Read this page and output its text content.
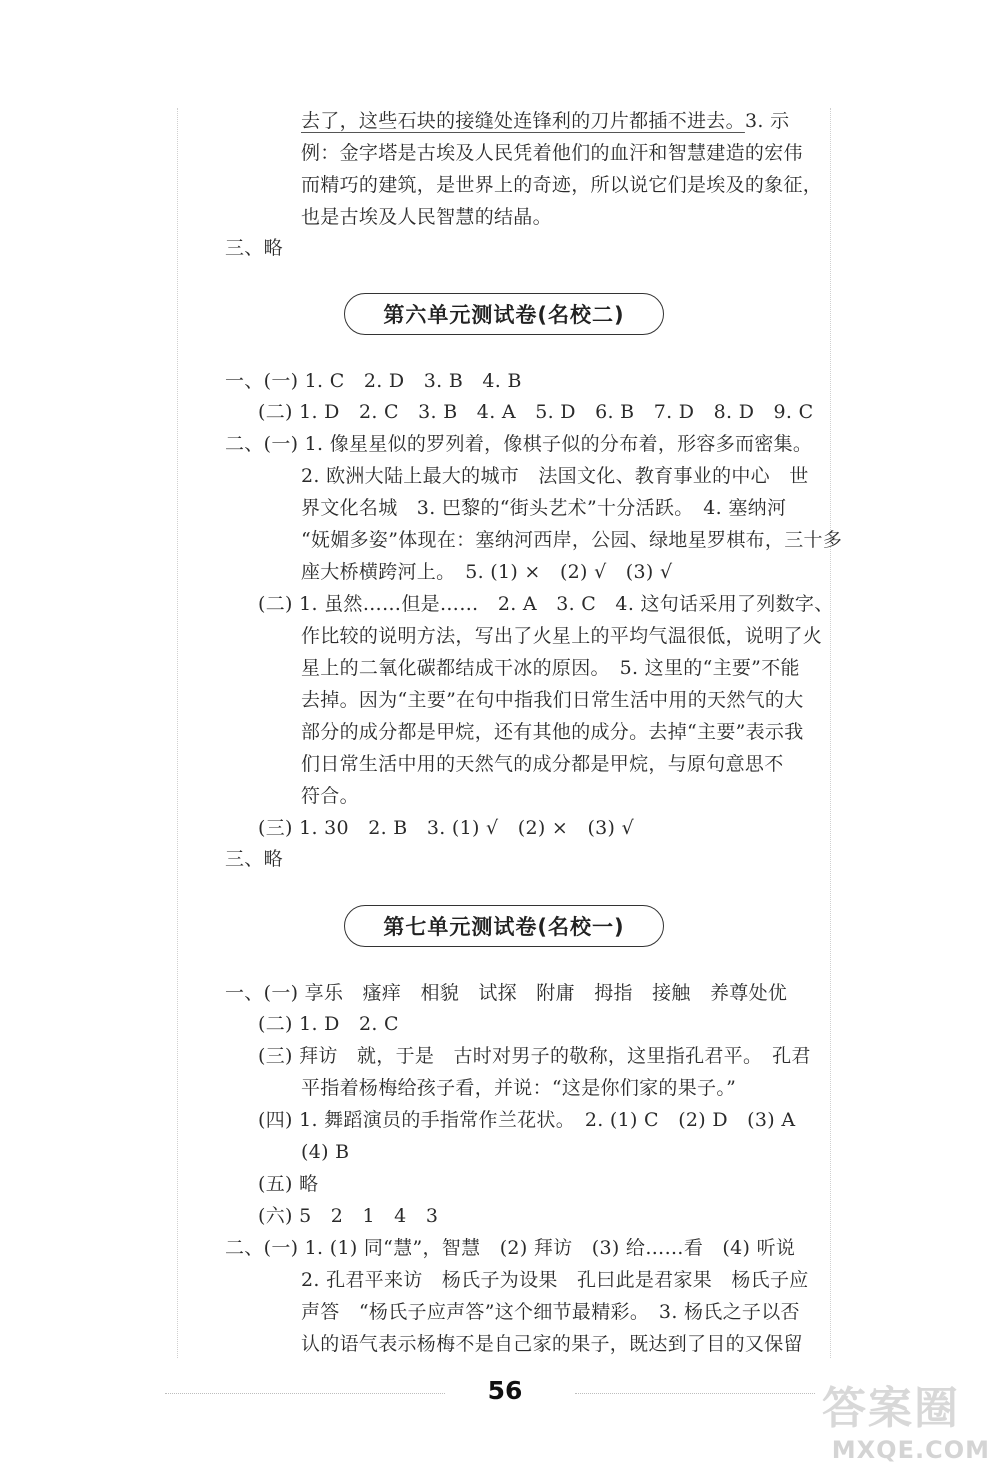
去了，这些石块的接缝处连锋利的刀片都插不进去。 3. 示
例：金字塔是古埃及人民凭着他们的血汗和智慧建造的宏伟
而精巧的建筑，是世界上的奇迹，所以说它们是埃及的象征，
也是古埃及人民智慧的结晶。
三、略
第六单元测试卷(名校二)
一、(一) 1. C　2. D　3. B　4. B
(二) 1. D　2. C　3. B　4. A　5. D　6. B　7. D　8. D　9. C
二、(一) 1. 像星星似的罗列着，像棋子似的分布着，形容多而密集。
2. 欧洲大陆上最大的城市　法国文化、教育事业的中心　世
界文化名城　3. 巴黎的“街头艺术”十分活跃。　4. 塞纳河
“妩媚多姿”体现在：塞纳河西岸，公园、绿地星罗棋布，三十多
座大桥横跨河上。　5. (1) ×　(2) √　(3) √
(二) 1. 虽然……但是……　2. A　3. C　4. 这句话采用了列数字、
作比较的说明方法，写出了火星上的平均气温很低，说明了火
星上的二氧化碳都结成干冰的原因。　5. 这里的“主要”不能
去掉。因为“主要”在句中指我们日常生活中用的天然气的大
部分的成分都是甲烷，还有其他的成分。去掉“主要”表示我
们日常生活中用的天然气的成分都是甲烷，与原句意思不
符合。
(三) 1. 30　2. B　3. (1) √　(2) ×　(3) √
三、略
第七单元测试卷(名校一)
一、(一) 享乐　瘙痒　相貌　试探　附庸　拇指　接触　养尊处优
(二) 1. D　2. C
(三) 拜访　就，于是　古时对男子的敬称，这里指孔君平。　孔君
平指着杨梅给孩子看，并说：“这是你们家的果子。”
(四) 1. 舞蹈演员的手指常作兰花状。　2. (1) C　(2) D　(3) A
(4) B
(五) 略
(六) 5　2　1　4　3
二、(一) 1. (1) 同“慧”，智慧　(2) 拜访　(3) 给……看　(4) 听说
2. 孔君平来访　杨氏子为设果　孔曰此是君家果　杨氏子应
声答　“杨氏子应声答”这个细节最精彩。　3. 杨氏之子以否
认的语气表示杨梅不是自己家的果子，既达到了目的又保留
56	答案圈
MXQE.COM
